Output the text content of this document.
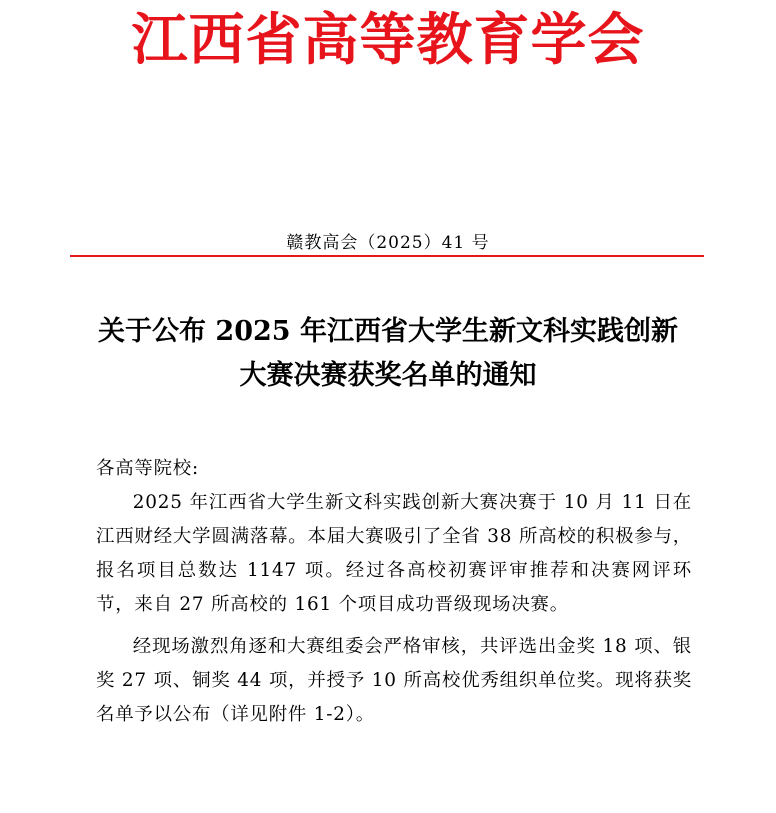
江西省高等教育学会
赣教高会（2025）41 号
关于公布 2025 年江西省大学生新文科实践创新
大赛决赛获奖名单的通知

各高等院校:

2025 年江西省大学生新文科实践创新大赛决赛于 10 月 11 日在江西财经大学圆满落幕。本届大赛吸引了全省 38 所高校的积极参与，报名项目总数达 1147 项。经过各高校初赛评审推荐和决赛网评环节，来自 27 所高校的 161 个项目成功晋级现场决赛。

经现场激烈角逐和大赛组委会严格审核，共评选出金奖 18 项、银奖 27 项、铜奖 44 项，并授予 10 所高校优秀组织单位奖。现将获奖名单予以公布（详见附件 1-2）。
